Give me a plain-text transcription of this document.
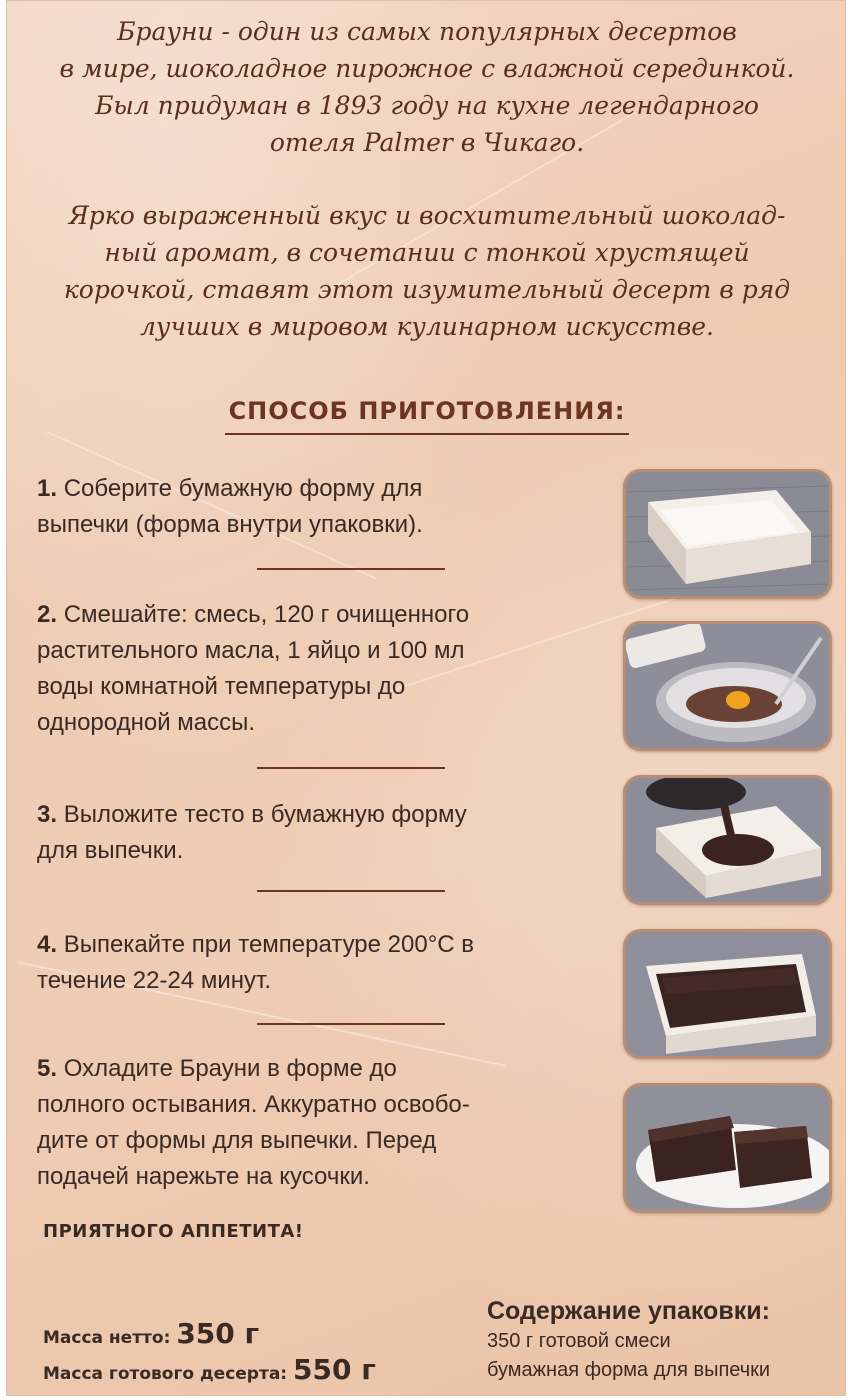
Брауни - один из самых популярных десертов

в мире, шоколадное пирожное с влажной серединкой.

Был придуман в 1893 году на кухне легендарного

отеля Palmer в Чикаго.

Ярко выраженный вкус и восхитительный шоколад-

ный аромат, в сочетании с тонкой хрустящей

корочкой, ставят этот изумительный десерт в ряд

лучших в мировом кулинарном искусстве.

СПОСОБ ПРИГОТОВЛЕНИЯ:
1. Соберите бумажную форму для
выпечки (форма внутри упаковки).
2. Смешайте: смесь, 120 г очищенного
растительного масла, 1 яйцо и 100 мл
воды комнатной температуры до
однородной массы.
3. Выложите тесто в бумажную форму
для выпечки.
4. Выпекайте при температуре 200°C в
течение 22-24 минут.
5. Охладите Брауни в форме до
полного остывания. Аккуратно освобо-
дите от формы для выпечки. Перед
подачей нарежьте на кусочки.
ПРИЯТНОГО АППЕТИТА!
Масса нетто: 350 г
Масса готового десерта: 550 г
Содержание упаковки:
350 г готовой смеси
бумажная форма для выпечки
